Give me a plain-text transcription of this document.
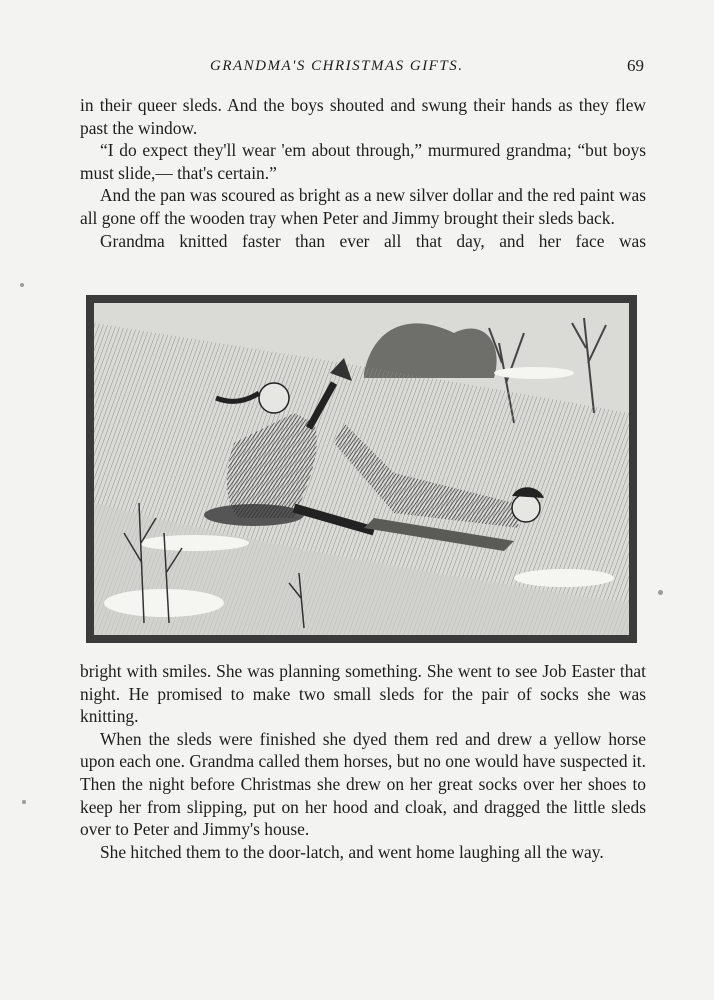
GRANDMA'S CHRISTMAS GIFTS.	69

in their queer sleds. And the boys shouted and swung their hands as they flew past the window.

“I do expect they'll wear 'em about through,” murmured grandma; “but boys must slide,— that's certain.”

And the pan was scoured as bright as a new silver dollar and the red paint was all gone off the wooden tray when Peter and Jimmy brought their sleds back.

Grandma knitted faster than ever all that day, and her face was

bright with smiles. She was planning something. She went to see Job Easter that night. He promised to make two small sleds for the pair of socks she was knitting.

When the sleds were finished she dyed them red and drew a yellow horse upon each one. Grandma called them horses, but no one would have suspected it. Then the night before Christmas she drew on her great socks over her shoes to keep her from slipping, put on her hood and cloak, and dragged the little sleds over to Peter and Jimmy's house.

She hitched them to the door-latch, and went home laughing all the way.
